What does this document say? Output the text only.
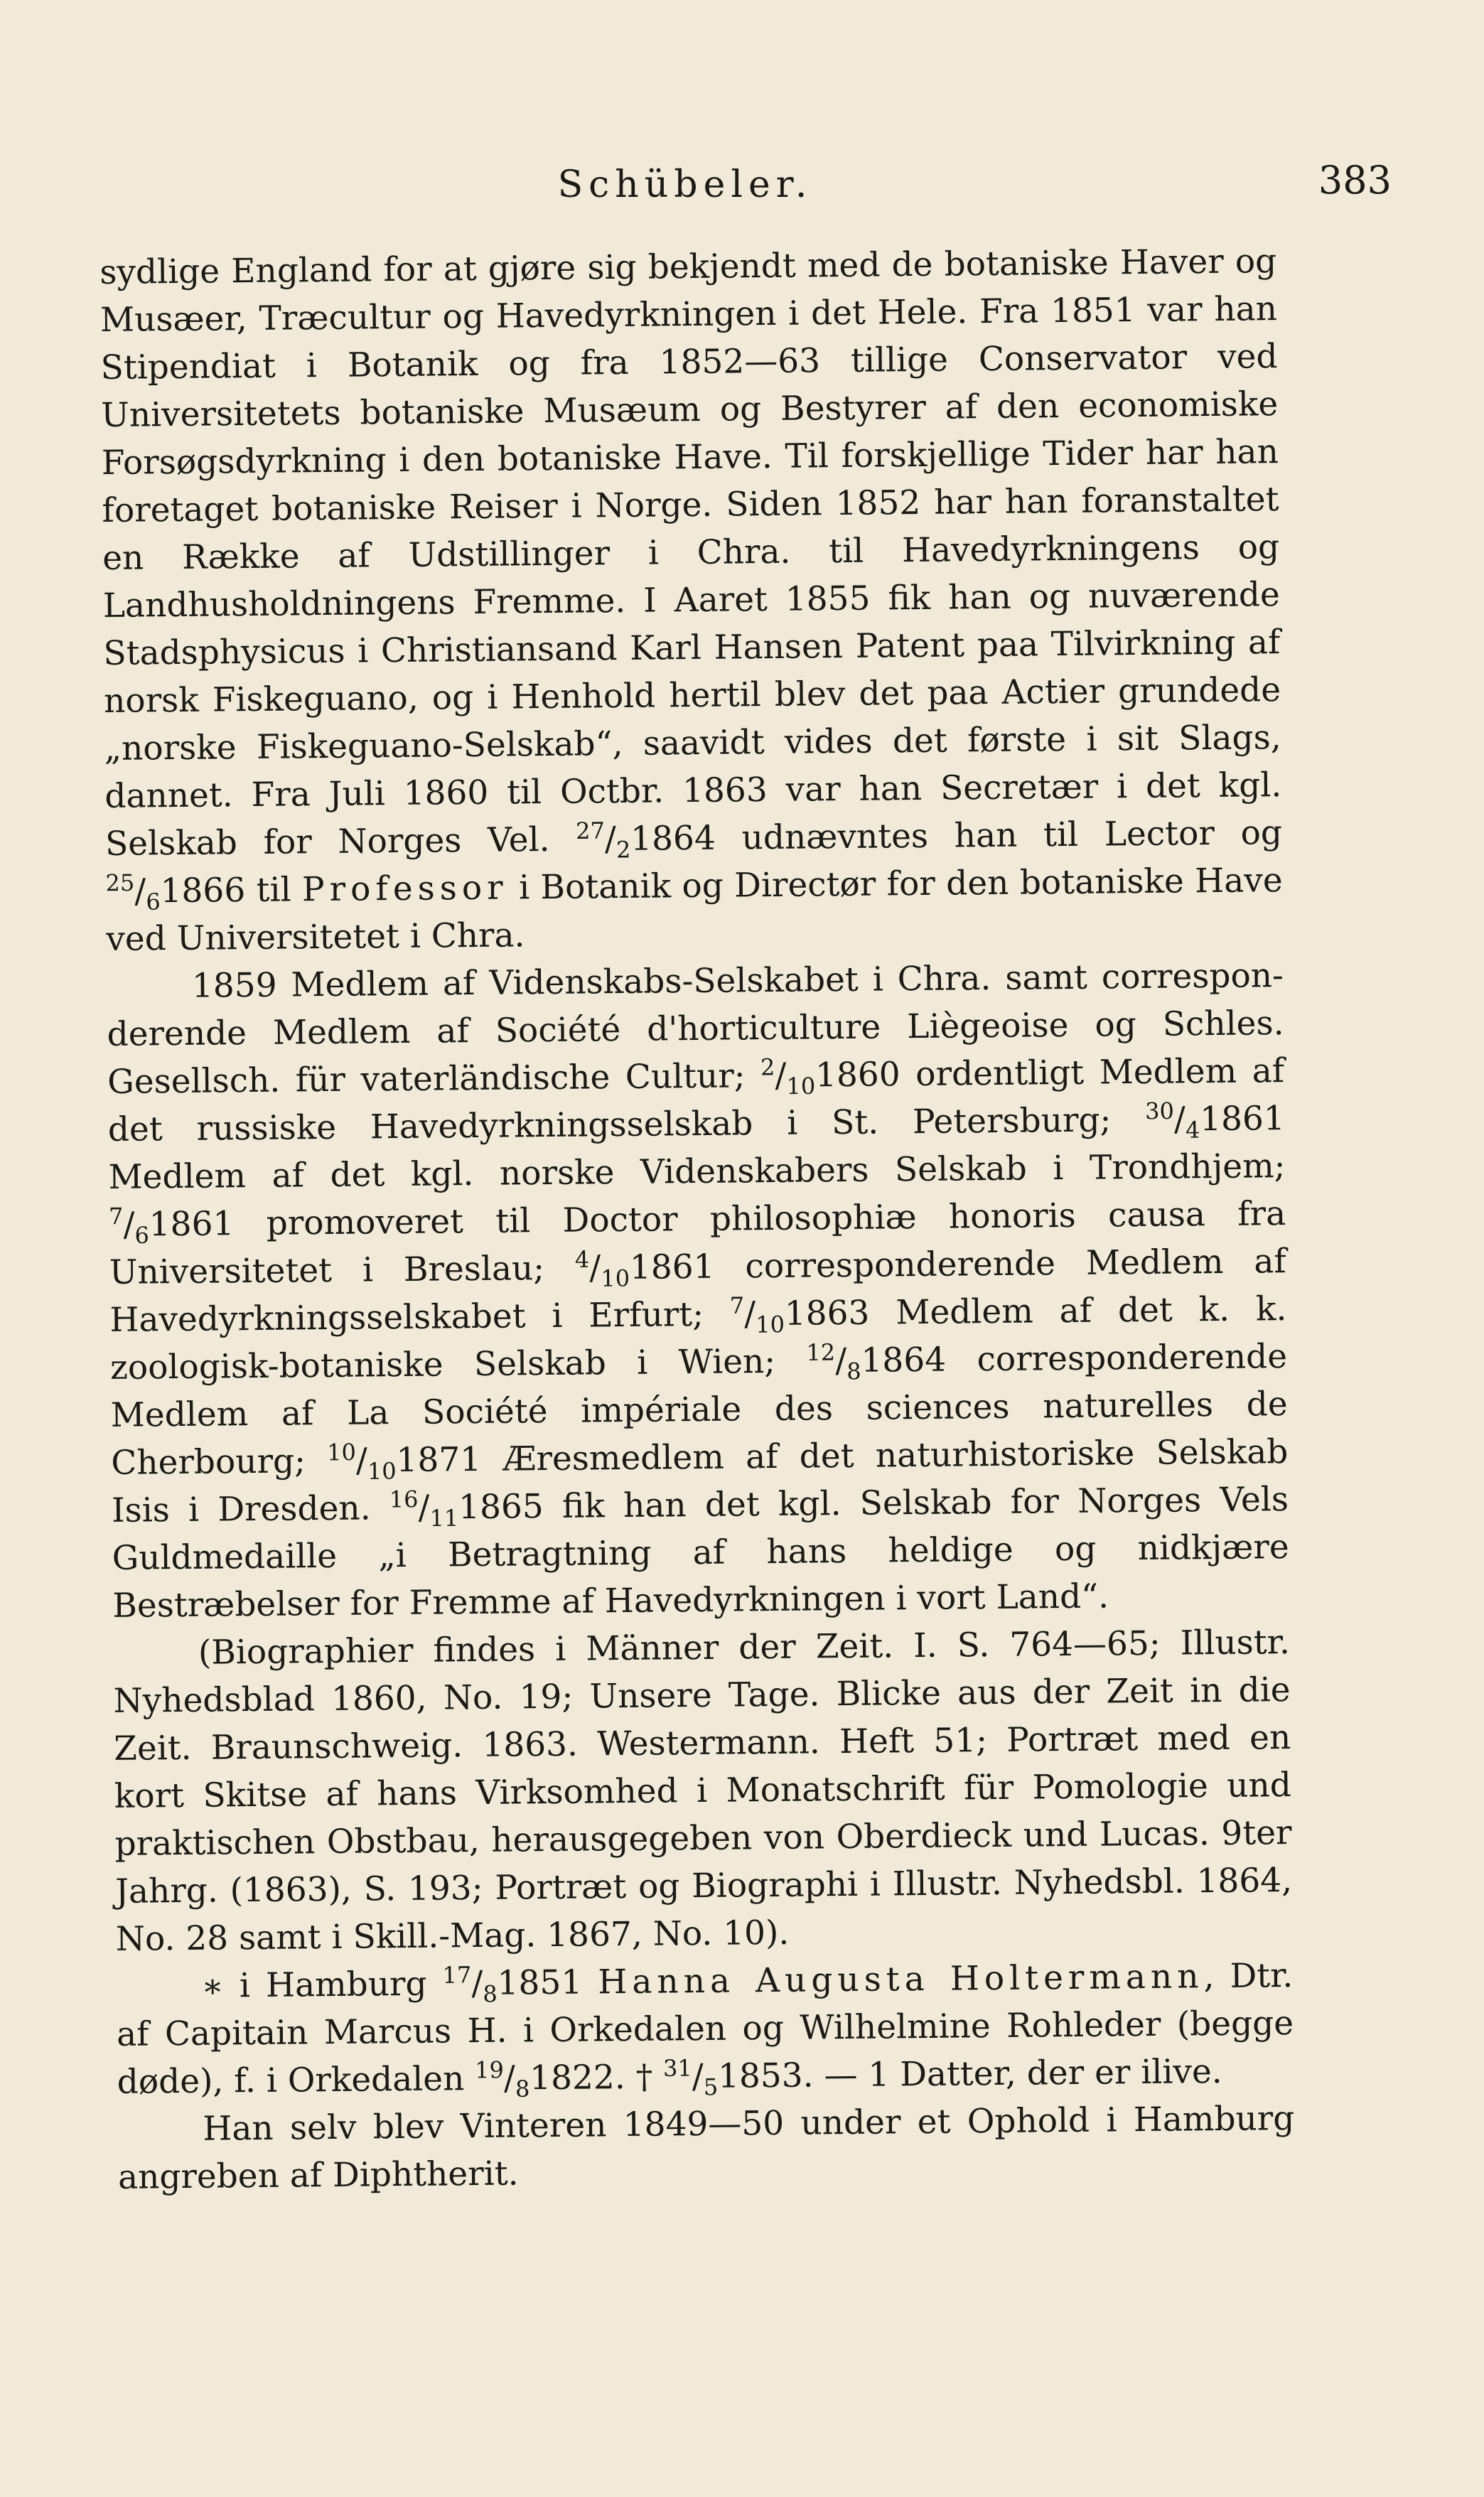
Schübeler.	383

sydlige England for at gjøre sig bekjendt med de botaniske Haver og Musæer, Træcultur og Havedyrkningen i det Hele. Fra 1851 var han Stipendiat i Botanik og fra 1852—63 tillige Conservator ved Universitetets botaniske Musæum og Bestyrer af den economiske Forsøgsdyrkning i den botaniske Have. Til forskjellige Tider har han foretaget botaniske Reiser i Norge. Siden 1852 har han foranstaltet en Række af Udstillinger i Chra. til Havedyrkningens og Landhusholdningens Fremme. I Aaret 1855 fik han og nuværende Stadsphysicus i Christiansand Karl Hansen Patent paa Tilvirkning af norsk Fiskeguano, og i Henhold hertil blev det paa Actier grundede „norske Fiskeguano-Selskab“, saavidt vides det første i sit Slags, dannet. Fra Juli 1860 til Octbr. 1863 var han Secretær i det kgl. Selskab for Norges Vel. $^{27}/_21864$ udnævntes han til Lector og $^{25}/_61866$ til Professor i Botanik og Directør for den botaniske Have ved Universitetet i Chra.

1859 Medlem af Videnskabs-Selskabet i Chra. samt corresponderende Medlem af Société d'horticulture Liègeoise og Schles. Gesellsch. für vaterländische Cultur; $^2/_{10}1860$ ordentligt Medlem af det russiske Havedyrkningsselskab i St. Petersburg; $^{30}/_41861$ Medlem af det kgl. norske Videnskabers Selskab i Trondhjem; $^7/_61861$ promoveret til Doctor philosophiæ honoris causa fra Universitetet i Breslau; $^4/_{10}1861$ corresponderende Medlem af Havedyrkningsselskabet i Erfurt; $^7/_{10}1863$ Medlem af det k. k. zoologisk-botaniske Selskab i Wien; $^{12}/_81864$ corresponderende Medlem af La Société impériale des sciences naturelles de Cherbourg; $^{10}/_{10}1871$ Æresmedlem af det naturhistoriske Selskab Isis i Dresden. $^{16}/_{11}1865$ fik han det kgl. Selskab for Norges Vels Guldmedaille „i Betragtning af hans heldige og nidkjære Bestræbelser for Fremme af Havedyrkningen i vort Land“.

(Biographier findes i Männer der Zeit. I. S. 764—65; Illustr. Nyhedsblad 1860, No. 19; Unsere Tage. Blicke aus der Zeit in die Zeit. Braunschweig. 1863. Westermann. Heft 51; Portræt med en kort Skitse af hans Virksomhed i Monatschrift für Pomologie und praktischen Obstbau, herausgegeben von Oberdieck und Lucas. 9ter Jahrg. (1863), S. 193; Portræt og Biographi i Illustr. Nyhedsbl. 1864, No. 28 samt i Skill.-Mag. 1867, No. 10).

∗ i Hamburg $^{17}/_81851$ Hanna Augusta Holtermann, Dtr. af Capitain Marcus H. i Orkedalen og Wilhelmine Rohleder (begge døde), f. i Orkedalen $^{19}/_81822$. † $^{31}/_51853$. — 1 Datter, der er ilive.

Han selv blev Vinteren 1849—50 under et Ophold i Hamburg angreben af Diphtherit.
